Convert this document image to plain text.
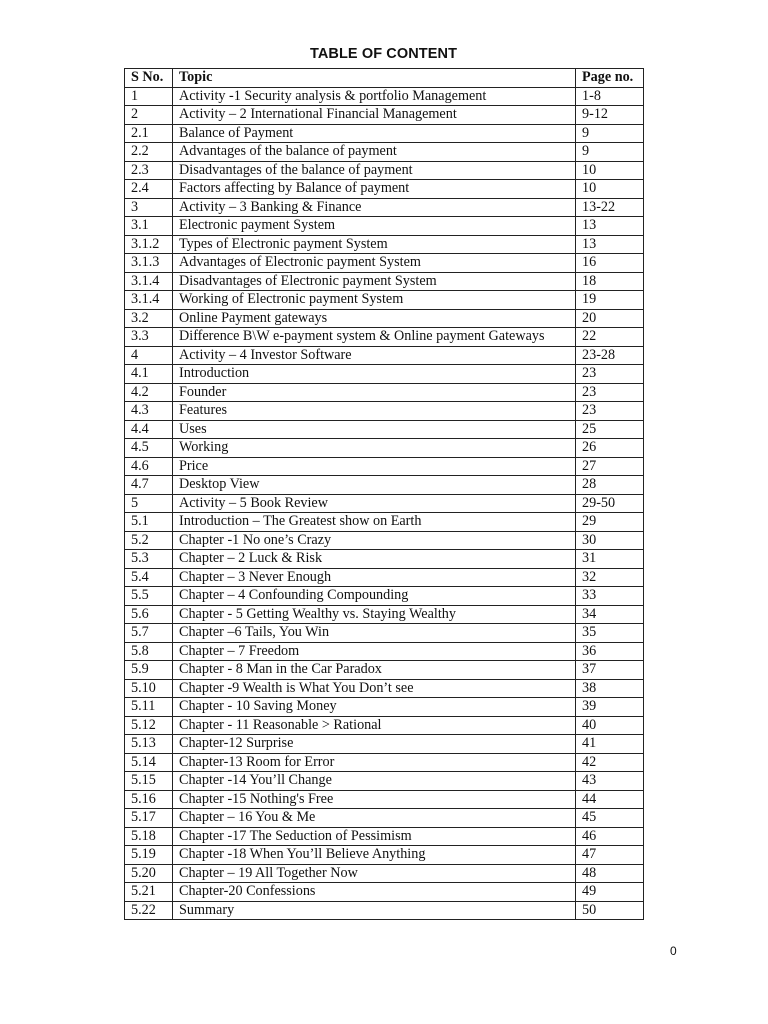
TABLE OF CONTENT
S No.	Topic	Page no.
1	Activity -1 Security analysis & portfolio Management	1-8
2	Activity – 2 International Financial Management	9-12
2.1	Balance of Payment	9
2.2	Advantages of the balance of payment	9
2.3	Disadvantages of the balance of payment	10
2.4	Factors affecting by Balance of payment	10
3	Activity – 3 Banking & Finance	13-22
3.1	Electronic payment System	13
3.1.2	Types of Electronic payment System	13
3.1.3	Advantages of Electronic payment System	16
3.1.4	Disadvantages of Electronic payment System	18
3.1.4	Working of Electronic payment System	19
3.2	Online Payment gateways	20
3.3	Difference B\W e-payment system & Online payment Gateways	22
4	Activity – 4 Investor Software	23-28
4.1	Introduction	23
4.2	Founder	23
4.3	Features	23
4.4	Uses	25
4.5	Working	26
4.6	Price	27
4.7	Desktop View	28
5	Activity – 5 Book Review	29-50
5.1	Introduction – The Greatest show on Earth	29
5.2	Chapter -1 No one’s Crazy	30
5.3	Chapter – 2 Luck & Risk	31
5.4	Chapter – 3 Never Enough	32
5.5	Chapter – 4 Confounding Compounding	33
5.6	Chapter - 5 Getting Wealthy vs. Staying Wealthy	34
5.7	Chapter –6 Tails, You Win	35
5.8	Chapter – 7 Freedom	36
5.9	Chapter - 8 Man in the Car Paradox	37
5.10	Chapter -9 Wealth is What You Don’t see	38
5.11	Chapter - 10 Saving Money	39
5.12	Chapter - 11 Reasonable > Rational	40
5.13	Chapter-12 Surprise	41
5.14	Chapter-13 Room for Error	42
5.15	Chapter -14 You’ll Change	43
5.16	Chapter -15 Nothing's Free	44
5.17	Chapter – 16 You & Me	45
5.18	Chapter -17 The Seduction of Pessimism	46
5.19	Chapter -18 When You’ll Believe Anything	47
5.20	Chapter – 19 All Together Now	48
5.21	Chapter-20 Confessions	49
5.22	Summary	50
0
